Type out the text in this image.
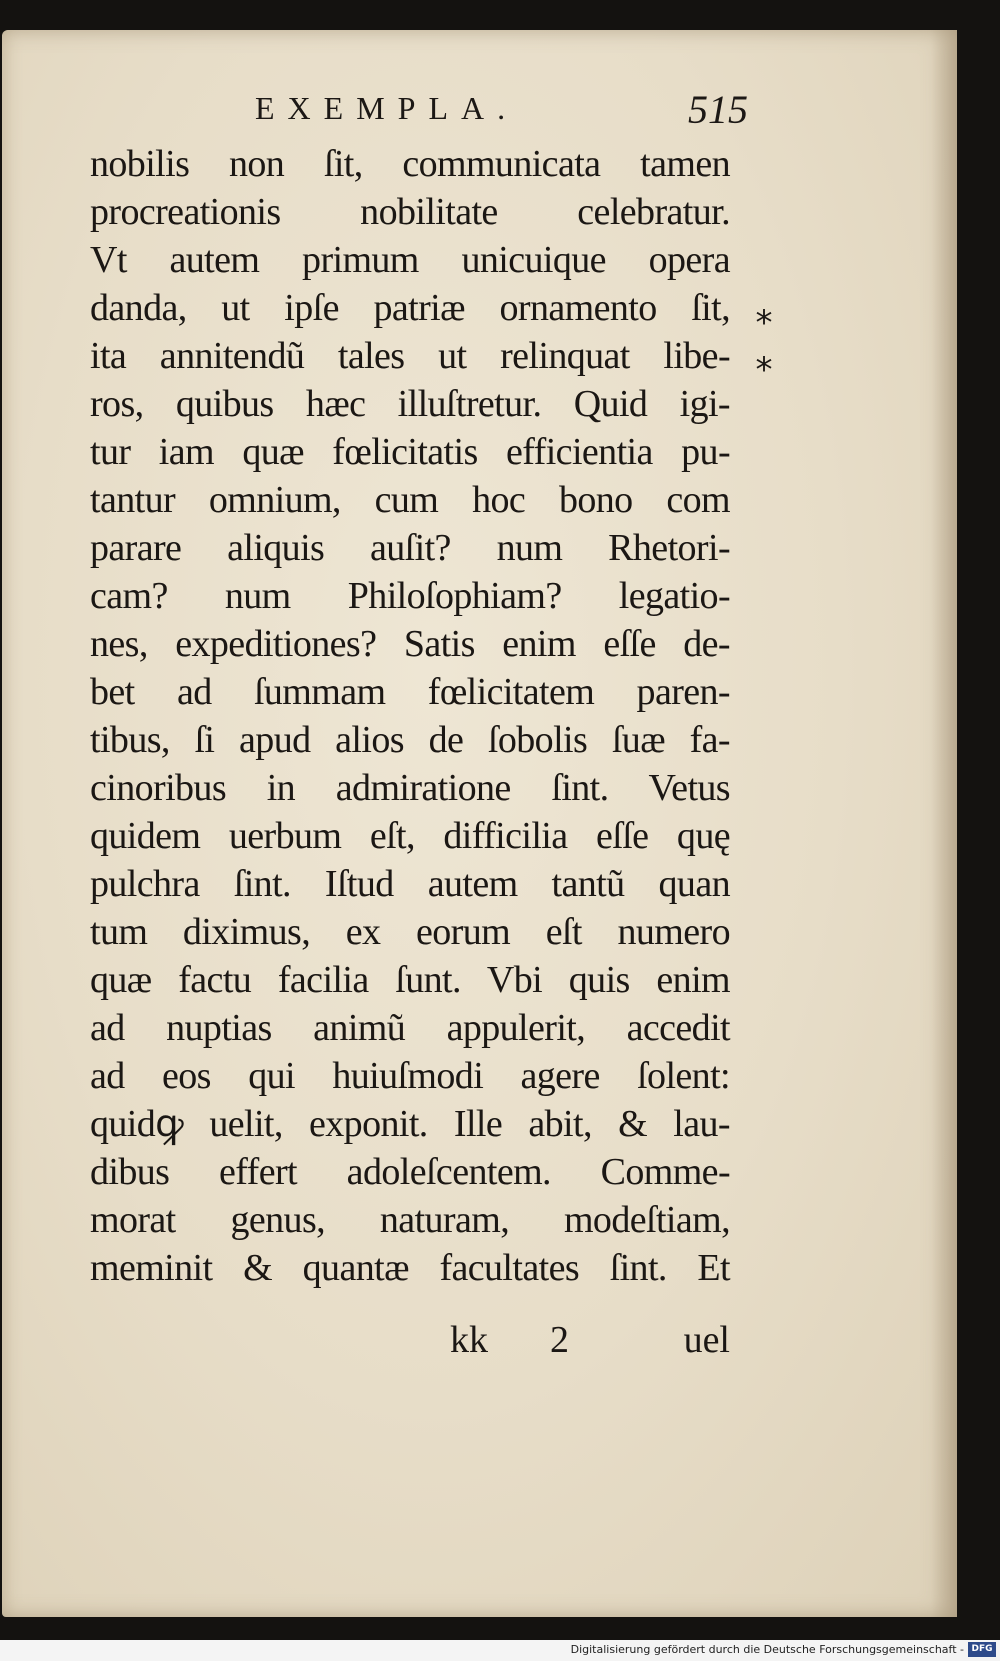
EXEMPLA.	515
nobilis non ſit, communicata tamen
procreationis nobilitate celebratur.
Vt autem primum unicuique opera
danda, ut ipſe patriæ ornamento ſit,
ita annitendũ tales ut relinquat libe-
ros, quibus hæc illuſtretur. Quid igi-
tur iam quæ fœlicitatis efficientia pu-
tantur omnium, cum hoc bono com
parare aliquis auſit? num Rhetori-
cam? num Philoſophiam? legatio-
nes, expeditiones? Satis enim eſſe de-
bet ad ſummam fœlicitatem paren-
tibus, ſi apud alios de ſobolis ſuæ fa-
cinoribus in admiratione ſint. Vetus
quidem uerbum eſt, difficilia eſſe quę
pulchra ſint. Iſtud autem tantũ quan
tum diximus, ex eorum eſt numero
quæ factu facilia ſunt. Vbi quis enim
ad nuptias animũ appulerit, accedit
ad eos qui huiuſmodi agere ſolent:
quidꝙ uelit, exponit. Ille abit, & lau-
dibus effert adoleſcentem. Comme-
morat genus, naturam, modeſtiam,
meminit & quantæ facultates ſint. Et
*
*
kk 2	uel
Digitalisierung gefördert durch die Deutsche Forschungsgemeinschaft - DFG
